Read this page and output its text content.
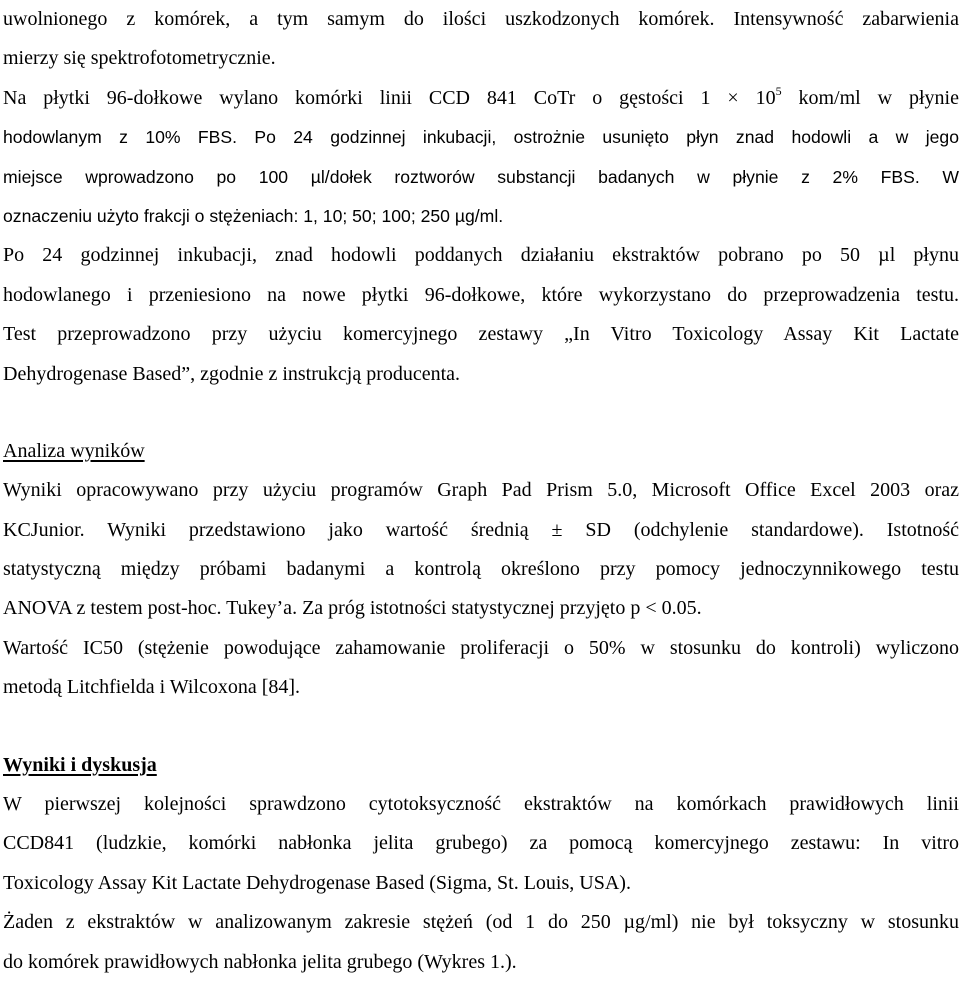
uwolnionego z komórek, a tym samym do ilości uszkodzonych komórek. Intensywność zabarwienia
mierzy się spektrofotometrycznie.
Na płytki 96-dołkowe wylano komórki linii CCD 841 CoTr o gęstości $1 \times 10^5$ kom/ml w płynie
hodowlanym z 10% FBS. Po 24 godzinnej inkubacji, ostrożnie usunięto płyn znad hodowli a w jego
miejsce wprowadzono po 100 µl/dołek roztworów substancji badanych w płynie z 2% FBS. W
oznaczeniu użyto frakcji o stężeniach: 1, 10; 50; 100; 250 µg/ml.
Po 24 godzinnej inkubacji, znad hodowli poddanych działaniu ekstraktów pobrano po 50 µl płynu
hodowlanego i przeniesiono na nowe płytki 96-dołkowe, które wykorzystano do przeprowadzenia testu.
Test przeprowadzono przy użyciu komercyjnego zestawy „In Vitro Toxicology Assay Kit Lactate
Dehydrogenase Based”, zgodnie z instrukcją producenta.
Analiza wyników
Wyniki opracowywano przy użyciu programów Graph Pad Prism 5.0, Microsoft Office Excel 2003 oraz
KCJunior. Wyniki przedstawiono jako wartość średnią ± SD (odchylenie standardowe). Istotność
statystyczną między próbami badanymi a kontrolą określono przy pomocy jednoczynnikowego testu
ANOVA z testem post-hoc. Tukey’a. Za próg istotności statystycznej przyjęto p < 0.05.
Wartość IC50 (stężenie powodujące zahamowanie proliferacji o 50% w stosunku do kontroli) wyliczono
metodą Litchfielda i Wilcoxona [84].
Wyniki i dyskusja
W pierwszej kolejności sprawdzono cytotoksyczność ekstraktów na komórkach prawidłowych linii
CCD841 (ludzkie, komórki nabłonka jelita grubego) za pomocą komercyjnego zestawu: In vitro
Toxicology Assay Kit Lactate Dehydrogenase Based (Sigma, St. Louis, USA).
Żaden z ekstraktów w analizowanym zakresie stężeń (od 1 do 250 µg/ml) nie był toksyczny w stosunku
do komórek prawidłowych nabłonka jelita grubego (Wykres 1.).
